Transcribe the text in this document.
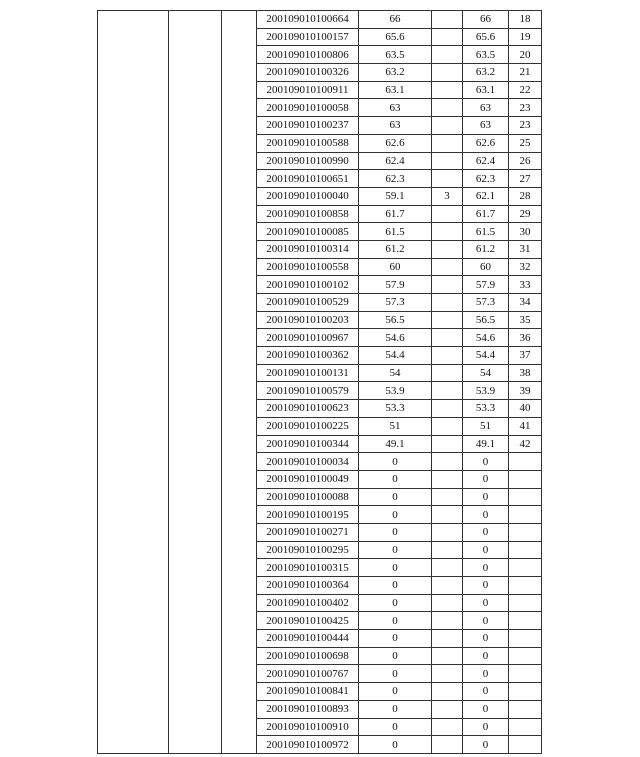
			200109010100664	66		66	18
			200109010100157	65.6		65.6	19
			200109010100806	63.5		63.5	20
			200109010100326	63.2		63.2	21
			200109010100911	63.1		63.1	22
			200109010100058	63		63	23
			200109010100237	63		63	23
			200109010100588	62.6		62.6	25
			200109010100990	62.4		62.4	26
			200109010100651	62.3		62.3	27
			200109010100040	59.1	3	62.1	28
			200109010100858	61.7		61.7	29
			200109010100085	61.5		61.5	30
			200109010100314	61.2		61.2	31
			200109010100558	60		60	32
			200109010100102	57.9		57.9	33
			200109010100529	57.3		57.3	34
			200109010100203	56.5		56.5	35
			200109010100967	54.6		54.6	36
			200109010100362	54.4		54.4	37
			200109010100131	54		54	38
			200109010100579	53.9		53.9	39
			200109010100623	53.3		53.3	40
			200109010100225	51		51	41
			200109010100344	49.1		49.1	42
			200109010100034	0		0	
			200109010100049	0		0	
			200109010100088	0		0	
			200109010100195	0		0	
			200109010100271	0		0	
			200109010100295	0		0	
			200109010100315	0		0	
			200109010100364	0		0	
			200109010100402	0		0	
			200109010100425	0		0	
			200109010100444	0		0	
			200109010100698	0		0	
			200109010100767	0		0	
			200109010100841	0		0	
			200109010100893	0		0	
			200109010100910	0		0	
			200109010100972	0		0	
